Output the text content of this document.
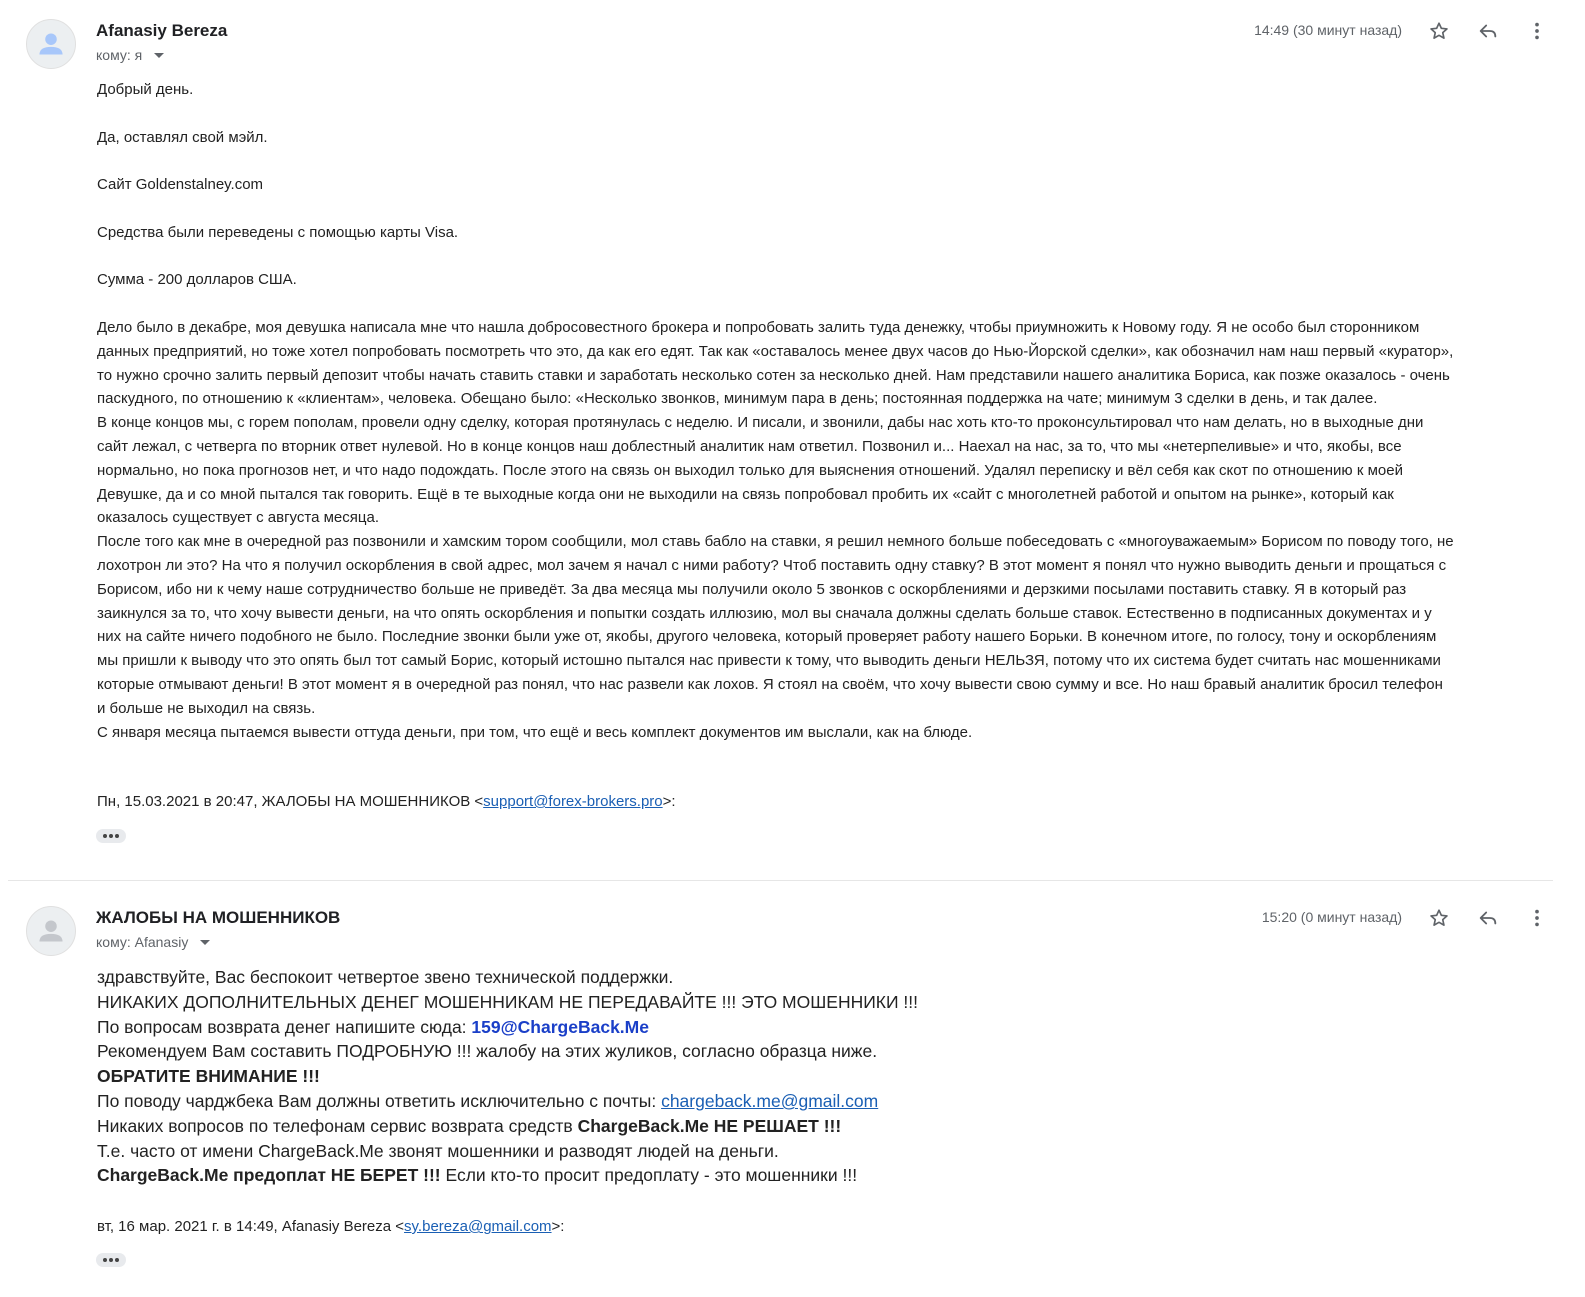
Afanasiy Bereza
кому: я
14:49 (30 минут назад)

Добрый день.

Да, оставлял свой мэйл.

Сайт Goldenstalney.com

Средства были переведены с помощью карты Visa.

Сумма - 200 долларов США.

Дело было в декабре, моя девушка написала мне что нашла добросовестного брокера и попробовать залить туда денежку, чтобы приумножить к Новому году. Я не особо был сторонником

данных предприятий, но тоже хотел попробовать посмотреть что это, да как его едят. Так как «оставалось менее двух часов до Нью-Йорской сделки», как обозначил нам наш первый «куратор»,

то нужно срочно залить первый депозит чтобы начать ставить ставки и заработать несколько сотен за несколько дней. Нам представили нашего аналитика Бориса, как позже оказалось - очень

паскудного, по отношению к «клиентам», человека. Обещано было: «Несколько звонков, минимум пара в день; постоянная поддержка на чате; минимум 3 сделки в день, и так далее.

В конце концов мы, с горем пополам, провели одну сделку, которая протянулась с неделю. И писали, и звонили, дабы нас хоть кто-то проконсультировал что нам делать, но в выходные дни

сайт лежал, с четверга по вторник ответ нулевой. Но в конце концов наш доблестный аналитик нам ответил. Позвонил и... Наехал на нас, за то, что мы «нетерпеливые» и что, якобы, все

нормально, но пока прогнозов нет, и что надо подождать. После этого на связь он выходил только для выяснения отношений. Удалял переписку и вёл себя как скот по отношению к моей

Девушке, да и со мной пытался так говорить. Ещё в те выходные когда они не выходили на связь попробовал пробить их «сайт с многолетней работой и опытом на рынке», который как

оказалось существует с августа месяца.

После того как мне в очередной раз позвонили и хамским тором сообщили, мол ставь бабло на ставки, я решил немного больше побеседовать с «многоуважаемым» Борисом по поводу того, не

лохотрон ли это? На что я получил оскорбления в свой адрес, мол зачем я начал с ними работу? Чтоб поставить одну ставку? В этот момент я понял что нужно выводить деньги и прощаться с

Борисом, ибо ни к чему наше сотрудничество больше не приведёт. За два месяца мы получили около 5 звонков с оскорблениями и дерзкими посылами поставить ставку. Я в который раз

заикнулся за то, что хочу вывести деньги, на что опять оскорбления и попытки создать иллюзию, мол вы сначала должны сделать больше ставок. Естественно в подписанных документах и у

них на сайте ничего подобного не было. Последние звонки были уже от, якобы, другого человека, который проверяет работу нашего Борьки. В конечном итоге, по голосу, тону и оскорблениям

мы пришли к выводу что это опять был тот самый Борис, который истошно пытался нас привести к тому, что выводить деньги НЕЛЬЗЯ, потому что их система будет считать нас мошенниками

которые отмывают деньги! В этот момент я в очередной раз понял, что нас развели как лохов. Я стоял на своём, что хочу вывести свою сумму и все. Но наш бравый аналитик бросил телефон

и больше не выходил на связь.

С января месяца пытаемся вывести оттуда деньги, при том, что ещё и весь комплект документов им выслали, как на блюде.

Пн, 15.03.2021 в 20:47, ЖАЛОБЫ НА МОШЕННИКОВ <support@forex-brokers.pro>:
ЖАЛОБЫ НА МОШЕННИКОВ
кому: Afanasiy
15:20 (0 минут назад)

здравствуйте, Вас беспокоит четвертое звено технической поддержки.

НИКАКИХ ДОПОЛНИТЕЛЬНЫХ ДЕНЕГ МОШЕННИКАМ НЕ ПЕРЕДАВАЙТЕ !!! ЭТО МОШЕННИКИ !!!

По вопросам возврата денег напишите сюда: 159@ChargeBack.Me

Рекомендуем Вам составить ПОДРОБНУЮ !!! жалобу на этих жуликов, согласно образца ниже.

ОБРАТИТЕ ВНИМАНИЕ !!!

По поводу чарджбека Вам должны ответить исключительно с почты: chargeback.me@gmail.com

Никаких вопросов по телефонам сервис возврата средств ChargeBack.Me НЕ РЕШАЕТ !!!

Т.е. часто от имени ChargeBack.Me звонят мошенники и разводят людей на деньги.

ChargeBack.Me предоплат НЕ БЕРЕТ !!! Если кто-то просит предоплату - это мошенники !!!

вт, 16 мар. 2021 г. в 14:49, Afanasiy Bereza <sy.bereza@gmail.com>:
